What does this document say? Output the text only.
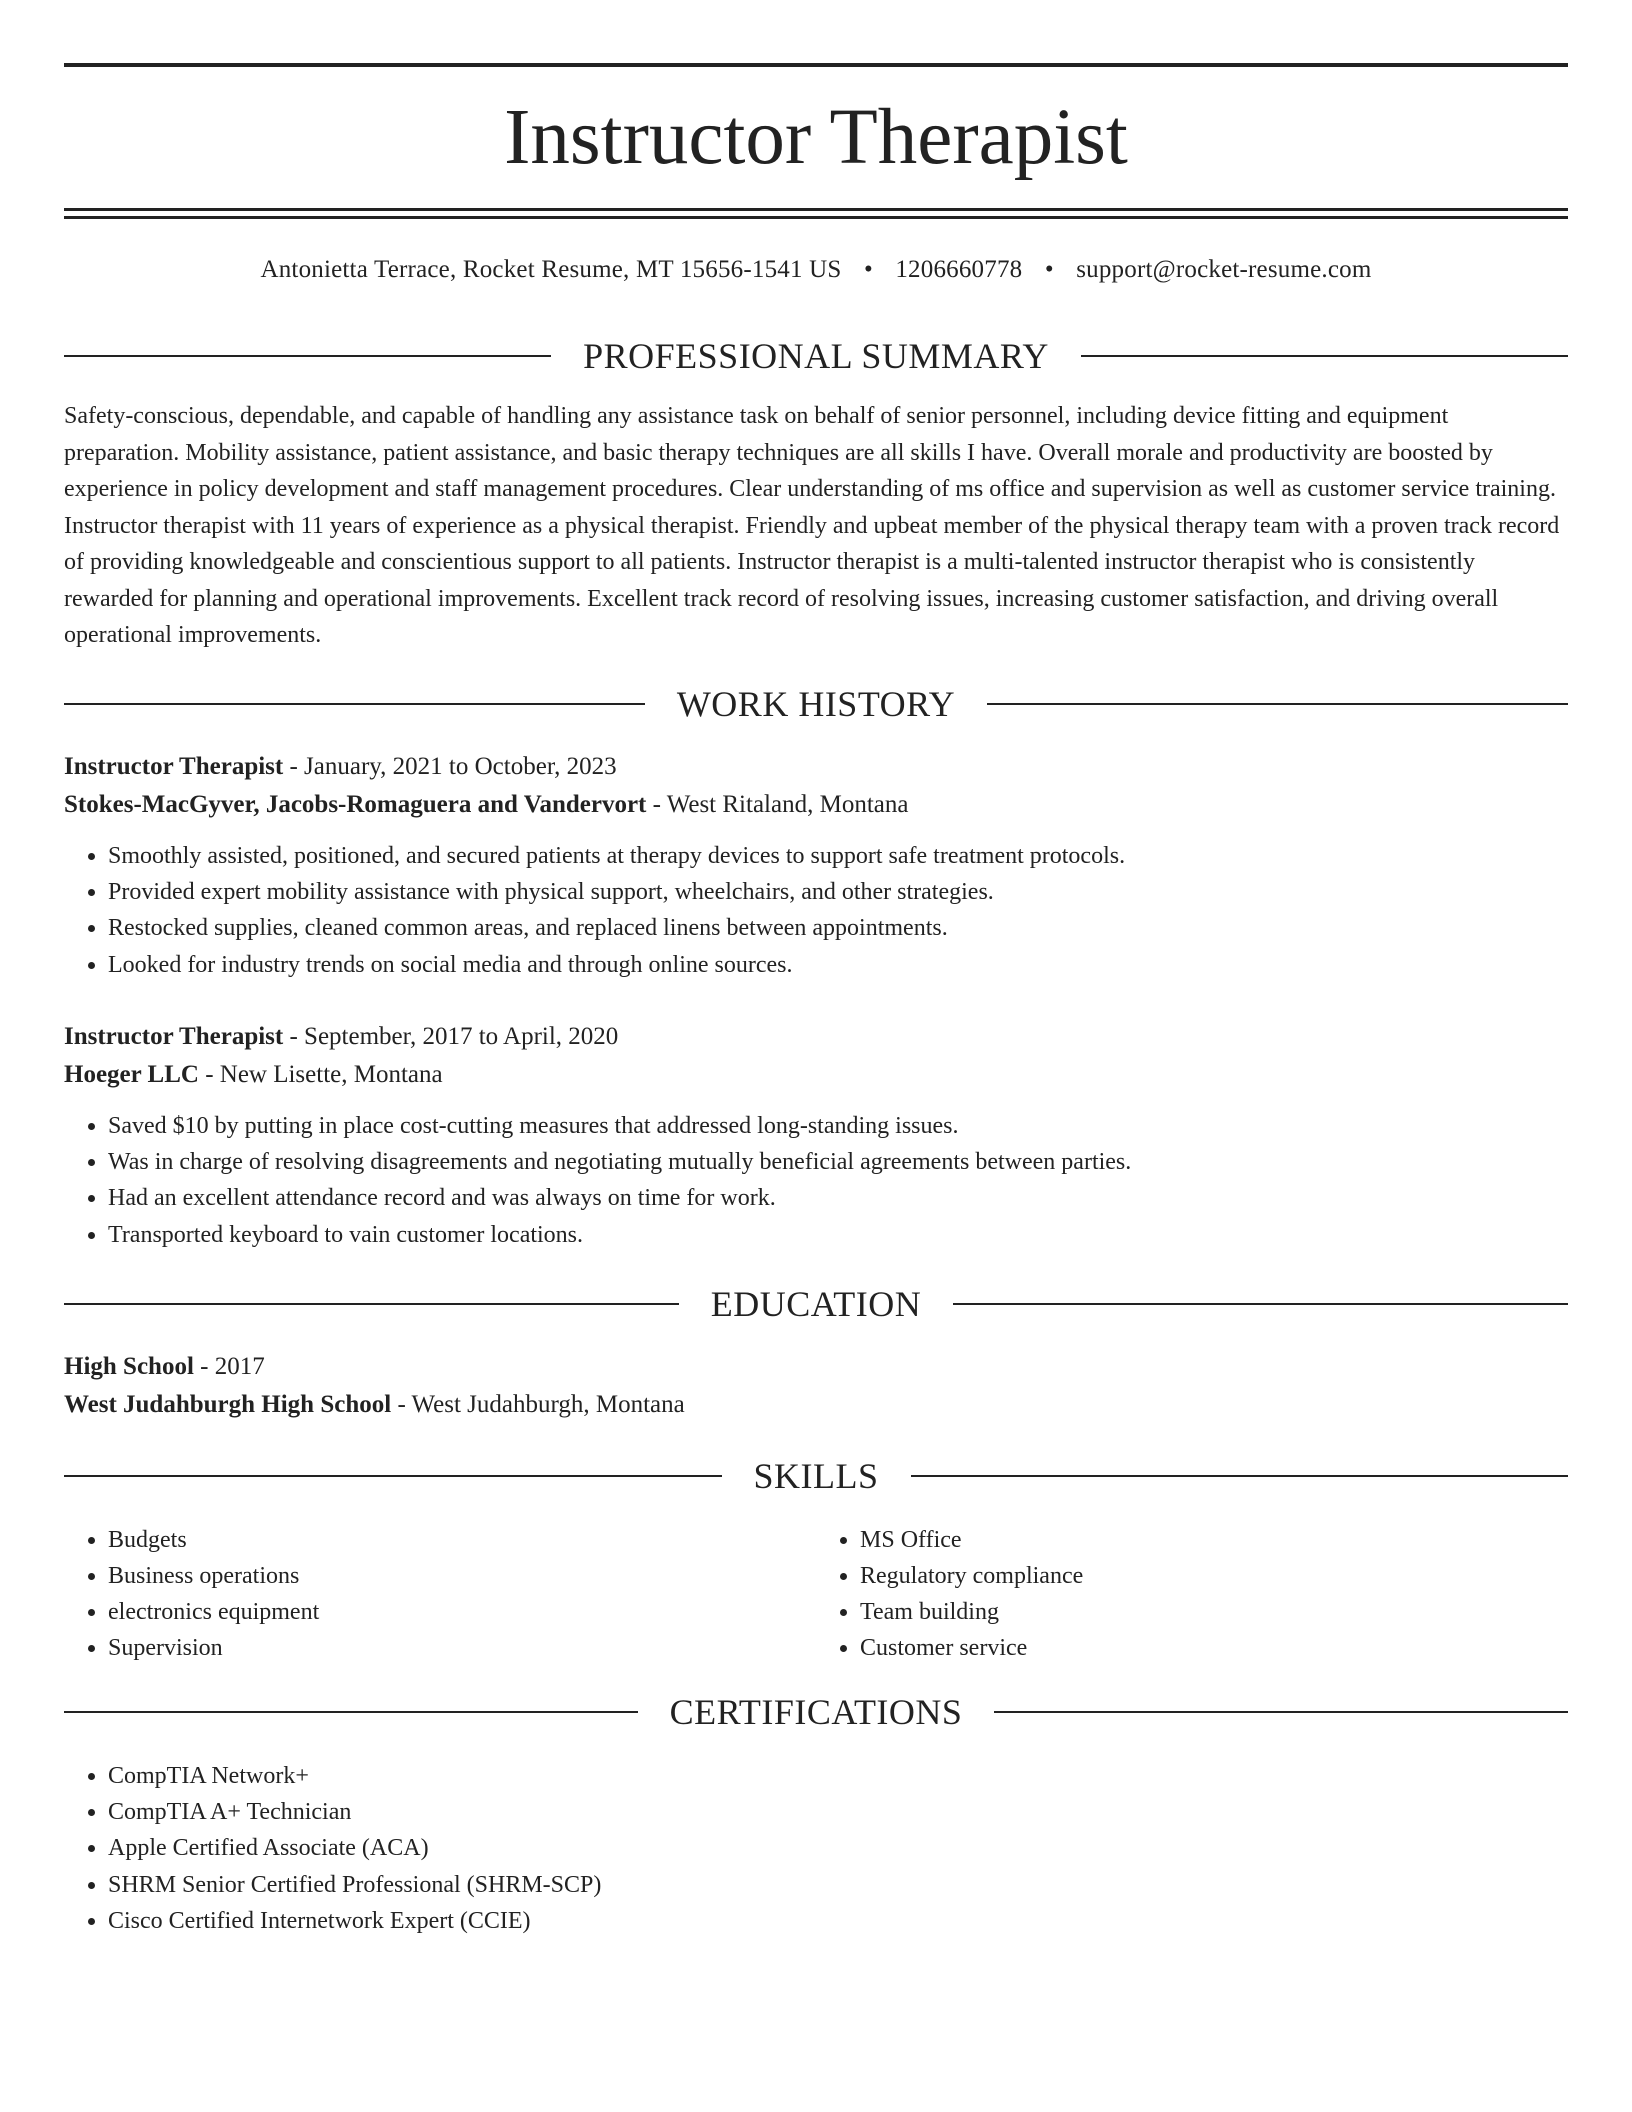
Instructor Therapist
Antonietta Terrace, Rocket Resume, MT 15656-1541 US • 1206660778 • support@rocket-resume.com
PROFESSIONAL SUMMARY
Safety-conscious, dependable, and capable of handling any assistance task on behalf of senior personnel, including device fitting and equipment preparation. Mobility assistance, patient assistance, and basic therapy techniques are all skills I have. Overall morale and productivity are boosted by experience in policy development and staff management procedures. Clear understanding of ms office and supervision as well as customer service training. Instructor therapist with 11 years of experience as a physical therapist. Friendly and upbeat member of the physical therapy team with a proven track record of providing knowledgeable and conscientious support to all patients. Instructor therapist is a multi-talented instructor therapist who is consistently rewarded for planning and operational improvements. Excellent track record of resolving issues, increasing customer satisfaction, and driving overall operational improvements.
WORK HISTORY
Instructor Therapist - January, 2021 to October, 2023
Stokes-MacGyver, Jacobs-Romaguera and Vandervort - West Ritaland, Montana
• Smoothly assisted, positioned, and secured patients at therapy devices to support safe treatment protocols.
• Provided expert mobility assistance with physical support, wheelchairs, and other strategies.
• Restocked supplies, cleaned common areas, and replaced linens between appointments.
• Looked for industry trends on social media and through online sources.
Instructor Therapist - September, 2017 to April, 2020
Hoeger LLC - New Lisette, Montana
• Saved $10 by putting in place cost-cutting measures that addressed long-standing issues.
• Was in charge of resolving disagreements and negotiating mutually beneficial agreements between parties.
• Had an excellent attendance record and was always on time for work.
• Transported keyboard to vain customer locations.
EDUCATION
High School - 2017
West Judahburgh High School - West Judahburgh, Montana
SKILLS
• Budgets
• Business operations
• electronics equipment
• Supervision
• MS Office
• Regulatory compliance
• Team building
• Customer service
CERTIFICATIONS
• CompTIA Network+
• CompTIA A+ Technician
• Apple Certified Associate (ACA)
• SHRM Senior Certified Professional (SHRM-SCP)
• Cisco Certified Internetwork Expert (CCIE)
